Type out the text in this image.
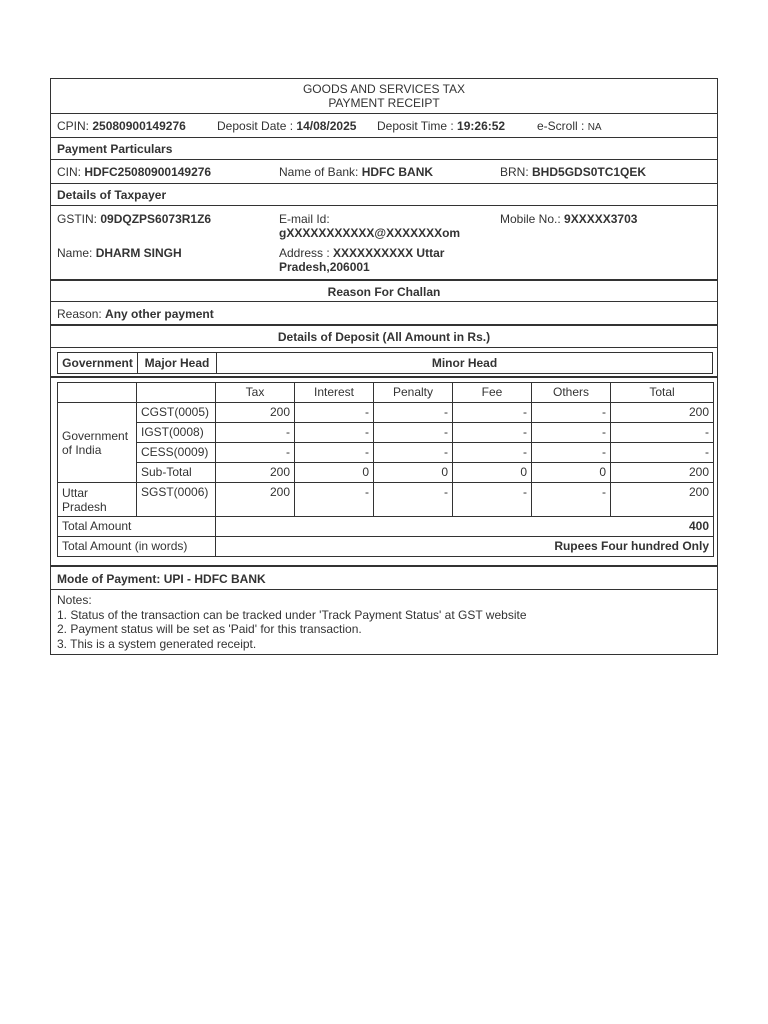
GOODS AND SERVICES TAX
PAYMENT RECEIPT
CPIN: 25080900149276	Deposit Date : 14/08/2025 Deposit Time : 19:26:52	e-Scroll : NA
Payment Particulars
CIN: HDFC25080900149276	Name of Bank: HDFC BANK	BRN: BHD5GDS0TC1QEK
Details of Taxpayer
GSTIN: 09DQZPS6073R1Z6	E-mail Id:
gXXXXXXXXXXX@XXXXXXXom
Mobile No.: 9XXXXX3703
Name: DHARM SINGH	Address : XXXXXXXXXX Uttar
Pradesh,206001
Reason For Challan
Reason: Any other payment
Details of Deposit (All Amount in Rs.)
Government Major Head	Minor Head
		Tax	Interest	Penalty	Fee	Others	Total

Government
of India	CGST(0005)	200	-	-	-	-	200
	IGST(0008)	-	-	-	-	-	-
	CESS(0009)	-	-	-	-	-	-
	Sub-Total	200	0	0	0	0	200

Uttar
Pradesh	SGST(0006)	200	-	-	-	-	200
Total Amount		400					
Total Amount (in words)		Rupees Four hundred Only					
Mode of Payment: UPI - HDFC BANK
Notes:
1. Status of the transaction can be tracked under 'Track Payment Status' at GST website
2. Payment status will be set as 'Paid' for this transaction.
3. This is a system generated receipt.
